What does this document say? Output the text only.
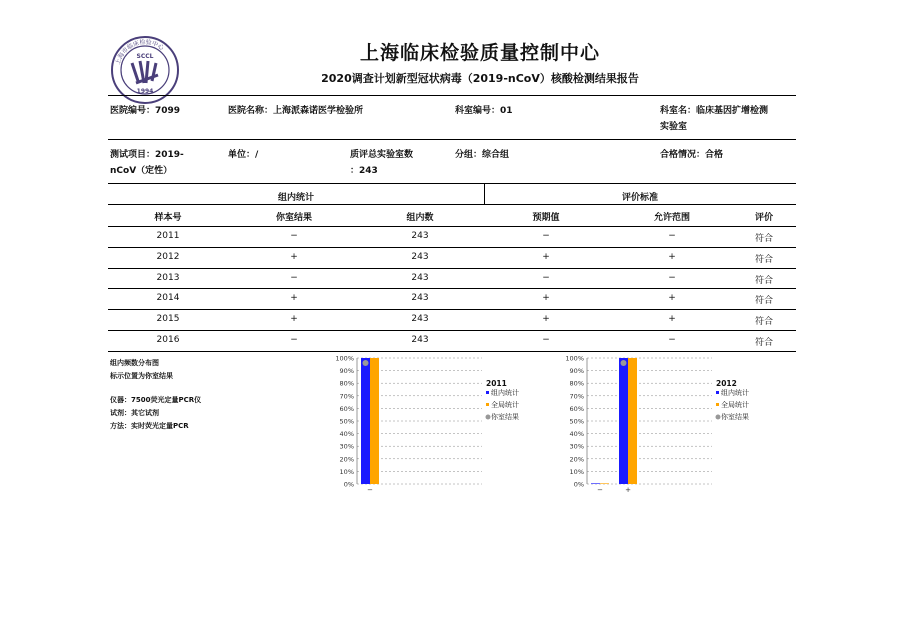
上海市临床检验中心
SCCL
1994
上海临床检验质量控制中心
2020调查计划新型冠状病毒（2019-nCoV）核酸检测结果报告
医院编号：7099	医院名称：上海派森诺医学检验所	科室编号：01	科室名：临床基因扩增检测
实验室
测试项目：2019-
nCoV（定性）
单位：/	质评总实验室数
：243
分组：综合组	合格情况：合格
组内统计	评价标准
样本号	你室结果	组内数	预期值	允许范围	评价
2011	−	243	−	−	符合
2012	+	243	+	+	符合
2013	−	243	−	−	符合
2014	+	243	+	+	符合
2015	+	243	+	+	符合
2016	−	243	−	−	符合
组内频数分布图
标示位置为你室结果
仪器：7500荧光定量PCR仪
试剂：其它试剂
方法：实时荧光定量PCR
100%
90%
80%
70%
60%
50%
40%
30%
20%
10%
0%
−
2011
组内统计
全局统计
你室结果
100%
90%
80%
70%
60%
50%
40%
30%
20%
10%
0%
−	+
2012
组内统计
全局统计
你室结果
